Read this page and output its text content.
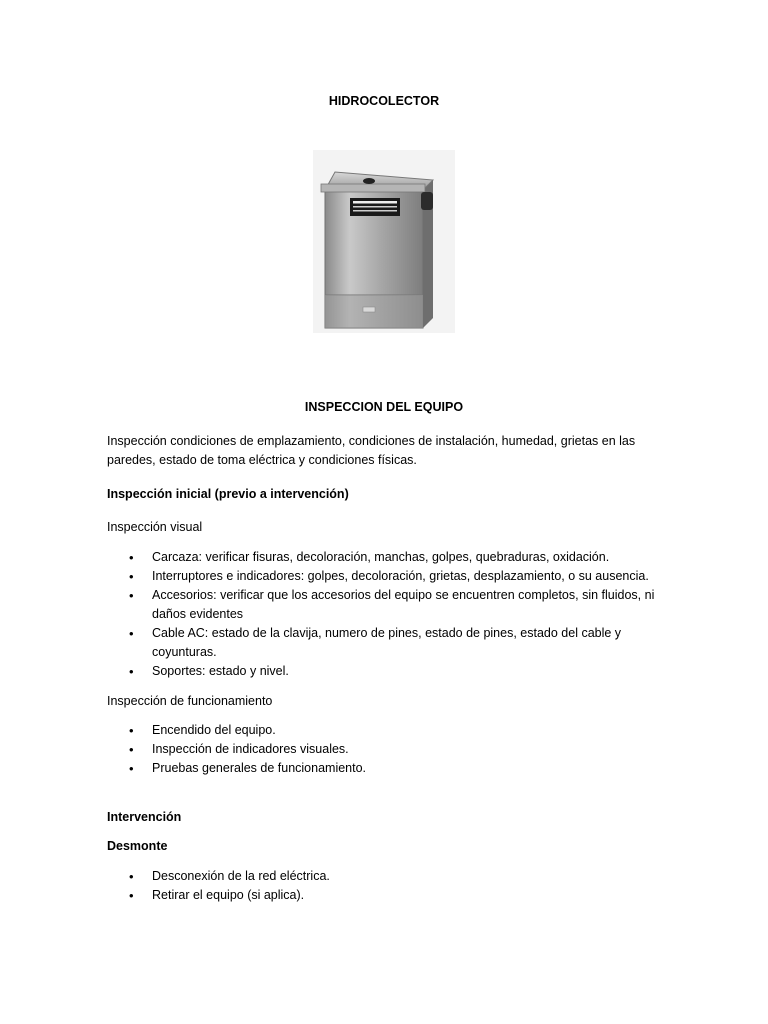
HIDROCOLECTOR
INSPECCION DEL EQUIPO
Inspección condiciones de emplazamiento, condiciones de instalación, humedad, grietas en las paredes, estado de toma eléctrica y condiciones físicas.
Inspección inicial (previo a intervención)
Inspección visual
• Carcaza: verificar fisuras, decoloración, manchas, golpes, quebraduras, oxidación.
• Interruptores e indicadores: golpes, decoloración, grietas, desplazamiento, o su ausencia.
• Accesorios: verificar que los accesorios del equipo se encuentren completos, sin fluidos, ni daños evidentes
• Cable AC: estado de la clavija, numero de pines, estado de pines, estado del cable y coyunturas.
• Soportes: estado y nivel.
Inspección de funcionamiento
• Encendido del equipo.
• Inspección de indicadores visuales.
• Pruebas generales de funcionamiento.
Intervención
Desmonte
• Desconexión de la red eléctrica.
• Retirar el equipo (si aplica).
